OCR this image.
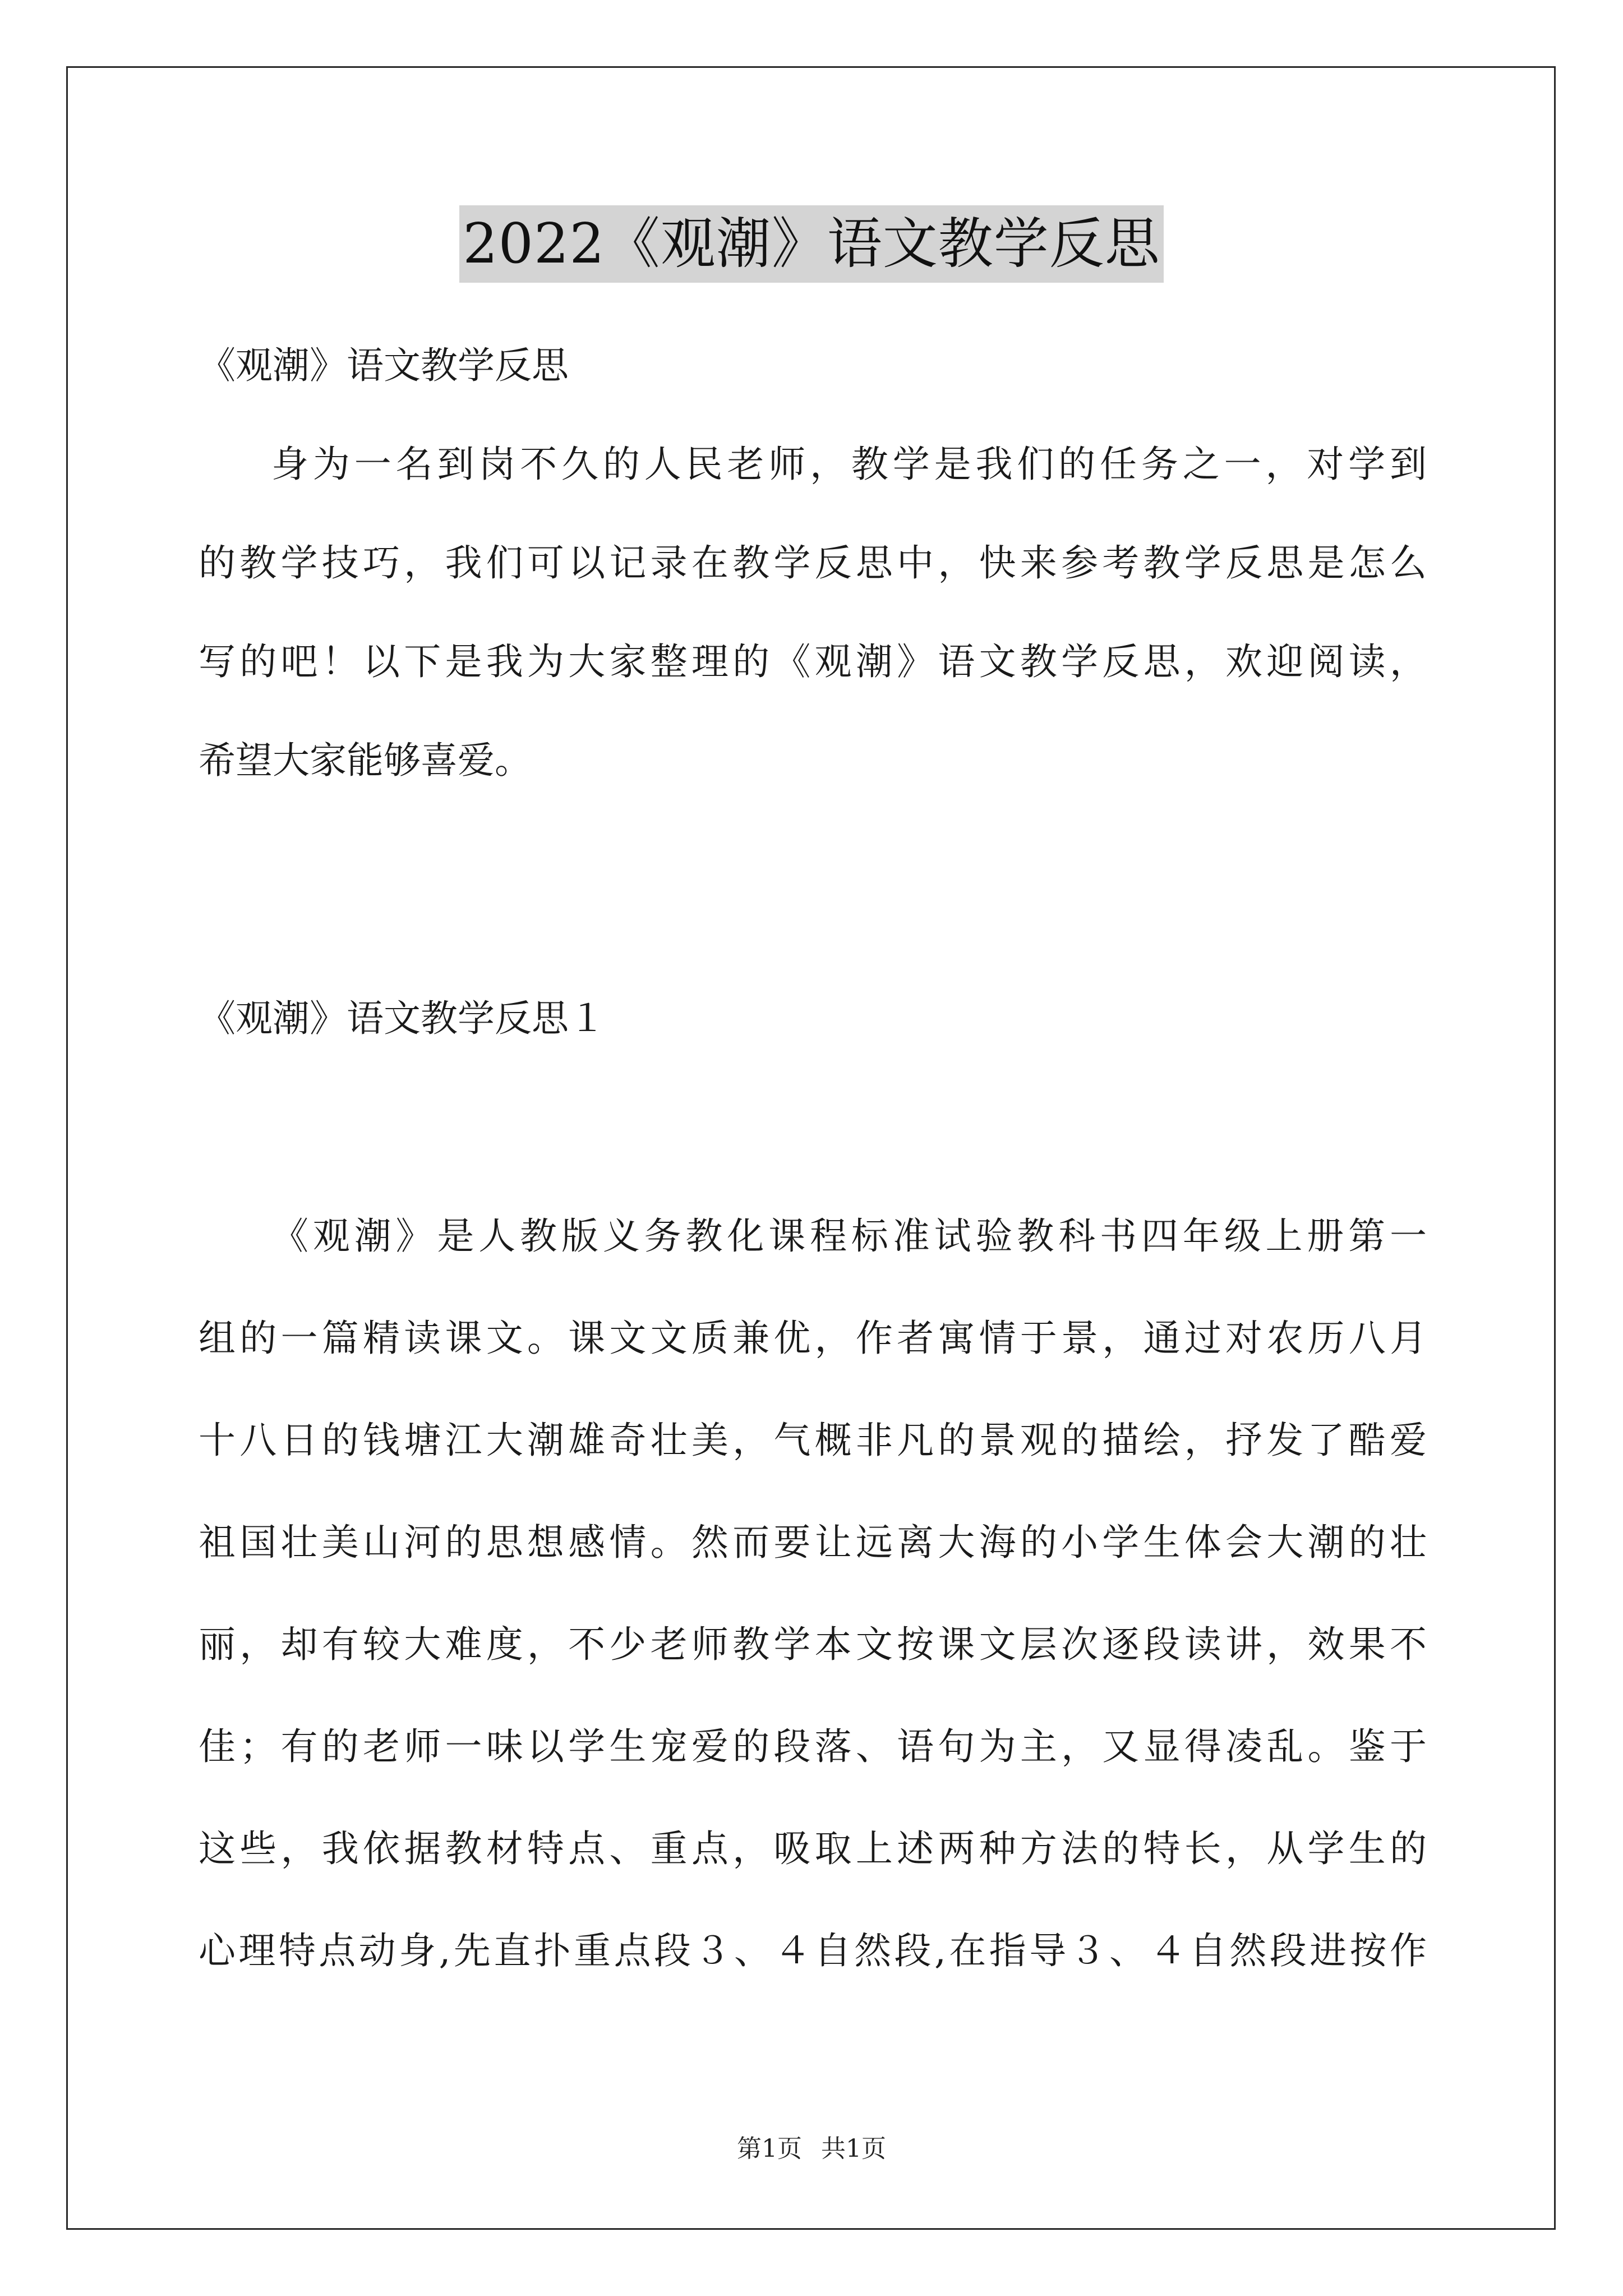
2022《观潮》语文教学反思
《观潮》语文教学反思
身为一名到岗不久的人民老师，教学是我们的任务之一，对学到
的教学技巧，我们可以记录在教学反思中，快来参考教学反思是怎么
写的吧！以下是我为大家整理的《观潮》语文教学反思，欢迎阅读，
希望大家能够喜爱。
《观潮》语文教学反思１
《观潮》是人教版义务教化课程标准试验教科书四年级上册第一
组的一篇精读课文。课文文质兼优，作者寓情于景，通过对农历八月
十八日的钱塘江大潮雄奇壮美，气概非凡的景观的描绘，抒发了酷爱
祖国壮美山河的思想感情。然而要让远离大海的小学生体会大潮的壮
丽，却有较大难度，不少老师教学本文按课文层次逐段读讲，效果不
佳；有的老师一味以学生宠爱的段落、语句为主，又显得凌乱。鉴于
这些，我依据教材特点、重点，吸取上述两种方法的特长，从学生的
心理特点动身,先直扑重点段３、４自然段,在指导３、４自然段进按作
第1页 共1页
